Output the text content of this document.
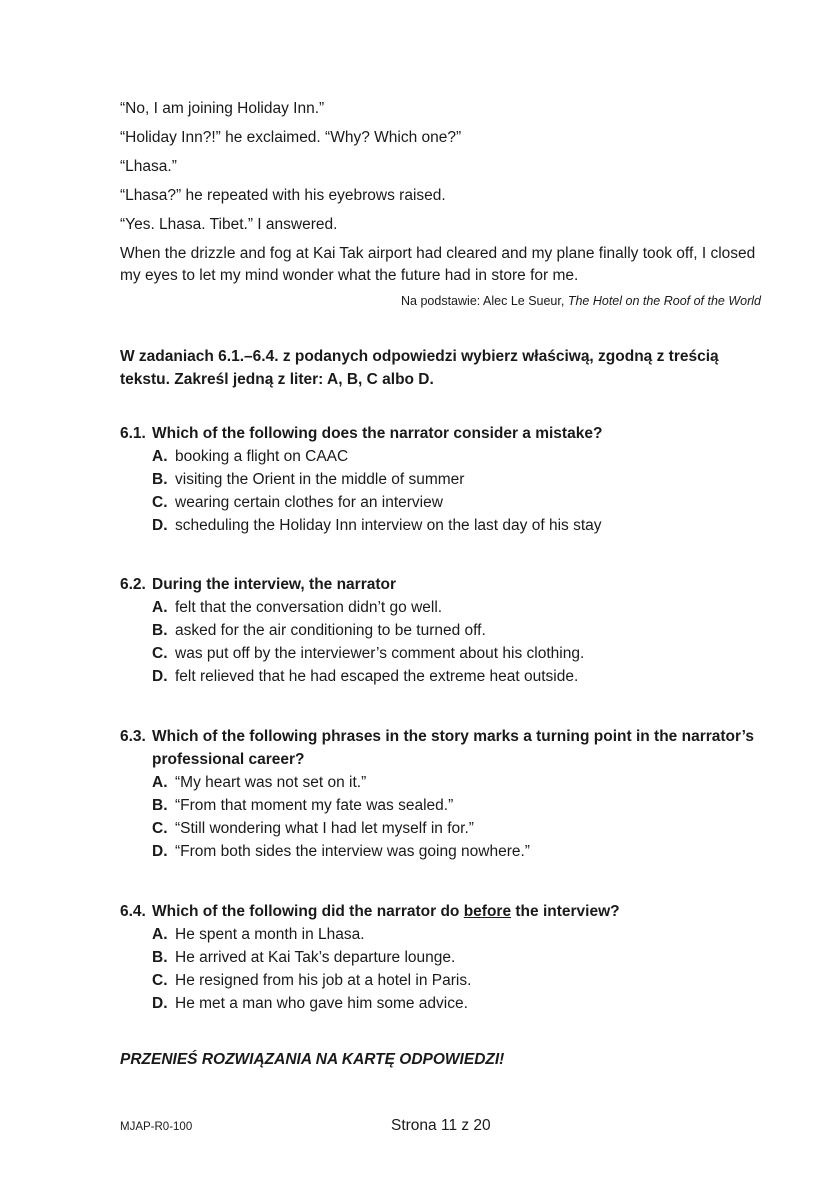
“No, I am joining Holiday Inn.”

“Holiday Inn?!” he exclaimed. “Why? Which one?”

“Lhasa.”

“Lhasa?” he repeated with his eyebrows raised.

“Yes. Lhasa. Tibet.” I answered.

When the drizzle and fog at Kai Tak airport had cleared and my plane finally took off, I closed my eyes to let my mind wonder what the future had in store for me.

Na podstawie: Alec Le Sueur, The Hotel on the Roof of the World
W zadaniach 6.1.–6.4. z podanych odpowiedzi wybierz właściwą, zgodną z treścią tekstu. Zakreśl jedną z liter: A, B, C albo D.
6.1. Which of the following does the narrator consider a mistake?
A. booking a flight on CAAC
B. visiting the Orient in the middle of summer
C. wearing certain clothes for an interview
D. scheduling the Holiday Inn interview on the last day of his stay
6.2. During the interview, the narrator
A. felt that the conversation didn’t go well.
B. asked for the air conditioning to be turned off.
C. was put off by the interviewer’s comment about his clothing.
D. felt relieved that he had escaped the extreme heat outside.
6.3. Which of the following phrases in the story marks a turning point in the narrator’s professional career?
A. “My heart was not set on it.”
B. “From that moment my fate was sealed.”
C. “Still wondering what I had let myself in for.”
D. “From both sides the interview was going nowhere.”
6.4. Which of the following did the narrator do before the interview?
A. He spent a month in Lhasa.
B. He arrived at Kai Tak’s departure lounge.
C. He resigned from his job at a hotel in Paris.
D. He met a man who gave him some advice.
PRZENIEŚ ROZWIĄZANIA NA KARTĘ ODPOWIEDZI!
MJAP-R0-100	Strona 11 z 20
